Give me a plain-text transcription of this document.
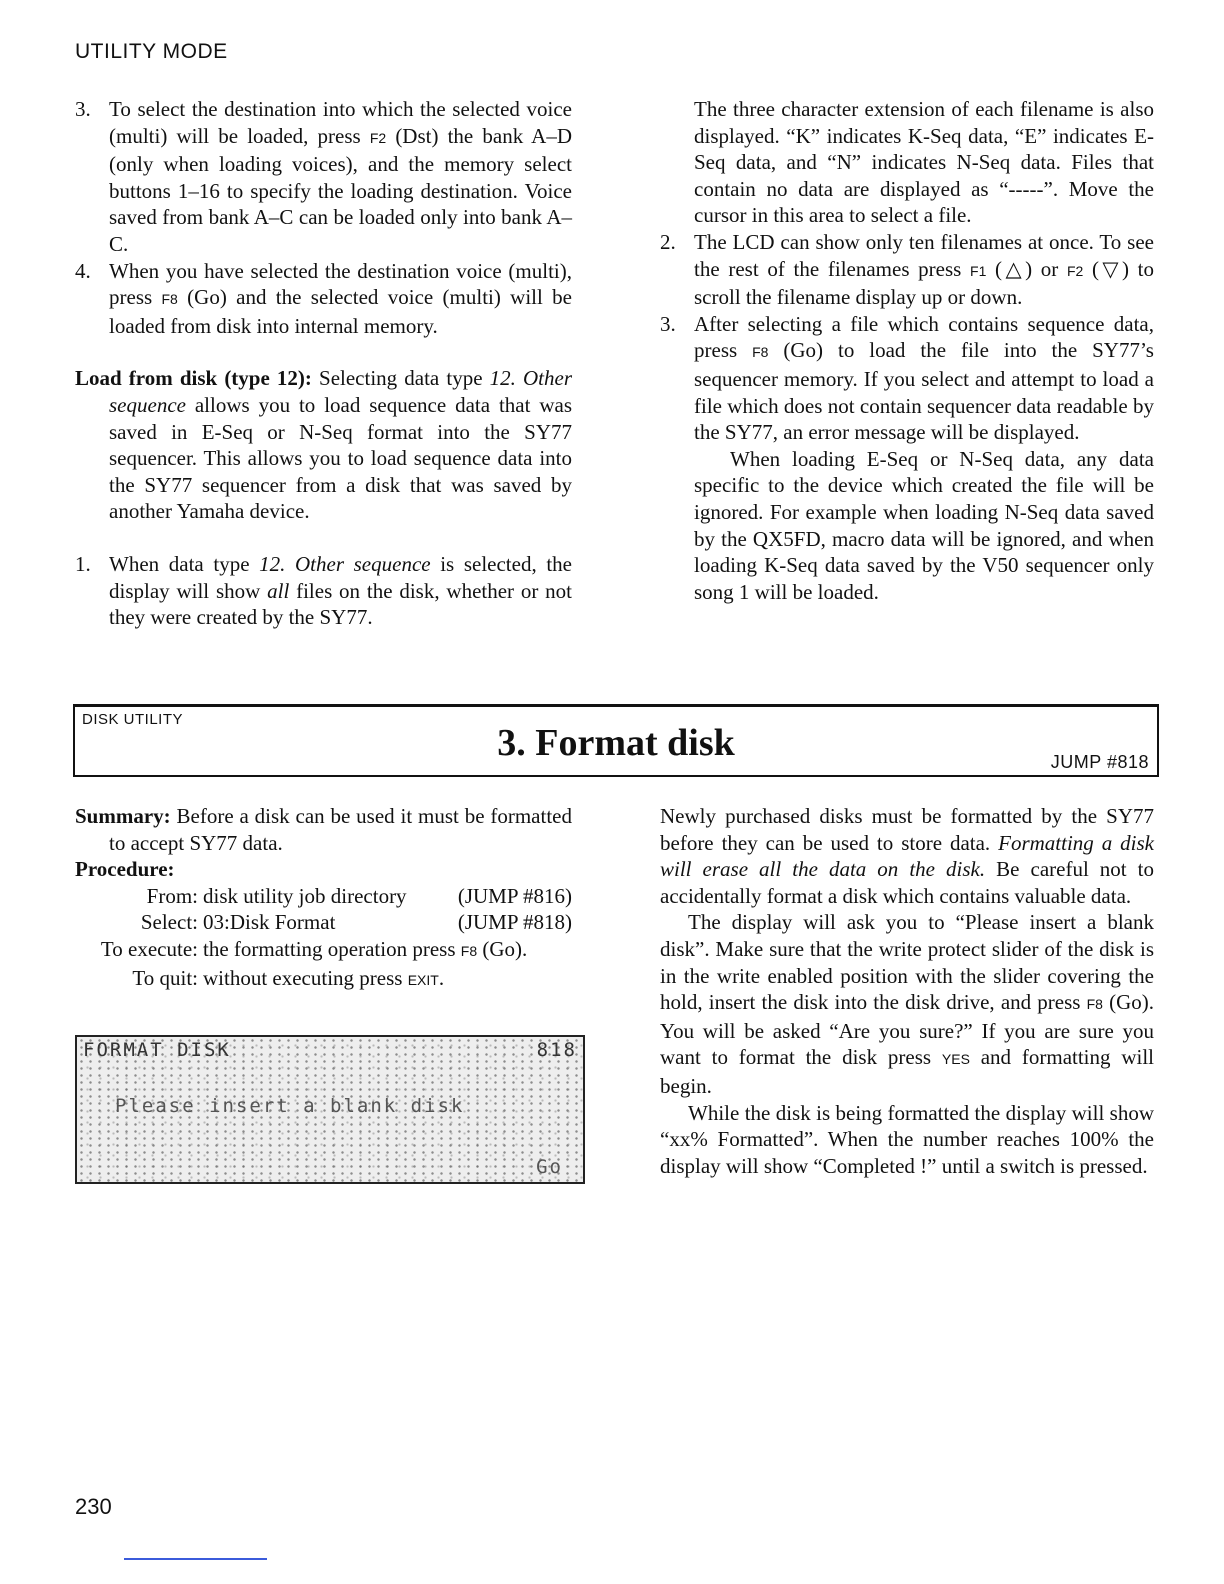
UTILITY MODE

3. To select the destination into which the selected voice (multi) will be loaded, press F2 (Dst) the bank A–D (only when loading voices), and the memory select buttons 1–16 to specify the loading destination. Voice saved from bank A–C can be loaded only into bank A–C.

4. When you have selected the destination voice (multi), press F8 (Go) and the selected voice (multi) will be loaded from disk into internal memory.

Load from disk (type 12): Selecting data type 12. Other sequence allows you to load sequence data that was saved in E-Seq or N-Seq format into the SY77 sequencer. This allows you to load sequence data into the SY77 sequencer from a disk that was saved by another Yamaha device.

1. When data type 12. Other sequence is selected, the display will show all files on the disk, whether or not they were created by the SY77.

The three character extension of each filename is also displayed. “K” indicates K-Seq data, “E” indicates E-Seq data, and “N” indicates N-Seq data. Files that contain no data are displayed as “-----”. Move the cursor in this area to select a file.

2. The LCD can show only ten filenames at once. To see the rest of the filenames press F1 (△) or F2 (▽) to scroll the filename display up or down.

3. After selecting a file which contains sequence data, press F8 (Go) to load the file into the SY77’s sequencer memory. If you select and attempt to load a file which does not contain sequencer data readable by the SY77, an error message will be displayed.

When loading E-Seq or N-Seq data, any data specific to the device which created the file will be ignored. For example when loading N-Seq data saved by the QX5FD, macro data will be ignored, and when loading K-Seq data saved by the V50 sequencer only song 1 will be loaded.

DISK UTILITY
3. Format disk	JUMP #818

Summary: Before a disk can be used it must be formatted to accept SY77 data.

Procedure:

From: disk utility job directory (JUMP #816)
Select: 03:Disk Format	(JUMP #818)
To execute: the formatting operation press F8 (Go).
To quit: without executing press EXIT.
FORMAT DISK	818
Please insert a blank disk
Go

Newly purchased disks must be formatted by the SY77 before they can be used to store data. Formatting a disk will erase all the data on the disk. Be careful not to accidentally format a disk which contains valuable data.

The display will ask you to “Please insert a blank disk”. Make sure that the write protect slider of the disk is in the write enabled position with the slider covering the hold, insert the disk into the disk drive, and press F8 (Go). You will be asked “Are you sure?” If you are sure you want to format the disk press YES and formatting will begin.

While the disk is being formatted the display will show “xx% Formatted”. When the number reaches 100% the display will show “Completed !” until a switch is pressed.

230
